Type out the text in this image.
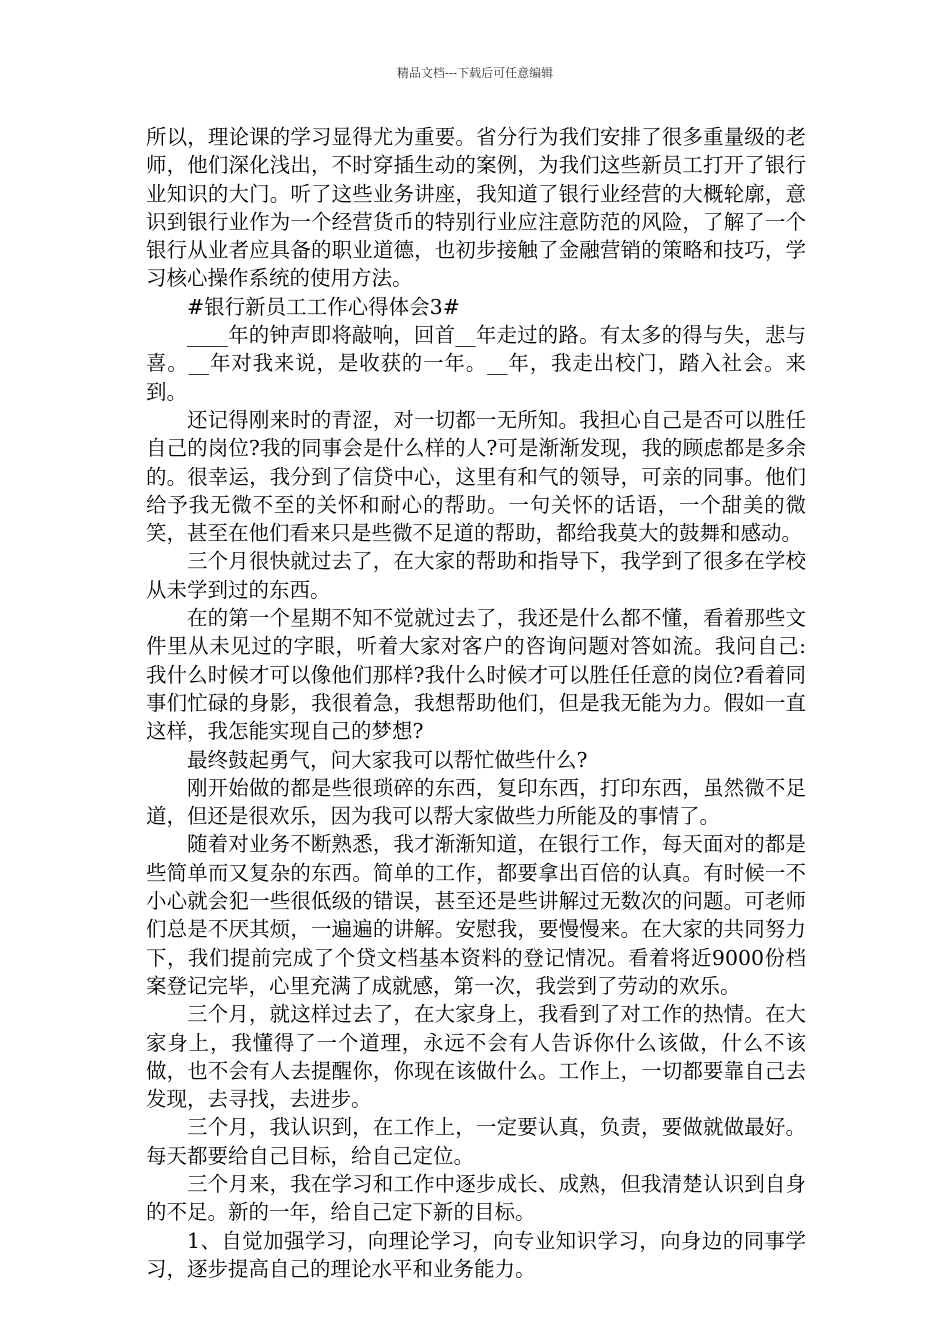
精品文档---下载后可任意编辑

所以，理论课的学习显得尤为重要。省分行为我们安排了很多重量级的老师，他们深化浅出，不时穿插生动的案例，为我们这些新员工打开了银行业知识的大门。听了这些业务讲座，我知道了银行业经营的大概轮廓，意识到银行业作为一个经营货币的特别行业应注意防范的风险，了解了一个银行从业者应具备的职业道德，也初步接触了金融营销的策略和技巧，学习核心操作系统的使用方法。

#银行新员工工作心得体会3#

____年的钟声即将敲响，回首__年走过的路。有太多的得与失，悲与喜。__年对我来说，是收获的一年。__年，我走出校门，踏入社会。来到。

还记得刚来时的青涩，对一切都一无所知。我担心自己是否可以胜任自己的岗位?我的同事会是什么样的人?可是渐渐发现，我的顾虑都是多余的。很幸运，我分到了信贷中心，这里有和气的领导，可亲的同事。他们给予我无微不至的关怀和耐心的帮助。一句关怀的话语，一个甜美的微笑，甚至在他们看来只是些微不足道的帮助，都给我莫大的鼓舞和感动。

三个月很快就过去了，在大家的帮助和指导下，我学到了很多在学校从未学到过的东西。

在的第一个星期不知不觉就过去了，我还是什么都不懂，看着那些文件里从未见过的字眼，听着大家对客户的咨询问题对答如流。我问自己:我什么时候才可以像他们那样?我什么时候才可以胜任任意的岗位?看着同事们忙碌的身影，我很着急，我想帮助他们，但是我无能为力。假如一直这样，我怎能实现自己的梦想?

最终鼓起勇气，问大家我可以帮忙做些什么?

刚开始做的都是些很琐碎的东西，复印东西，打印东西，虽然微不足道，但还是很欢乐，因为我可以帮大家做些力所能及的事情了。

随着对业务不断熟悉，我才渐渐知道，在银行工作，每天面对的都是些简单而又复杂的东西。简单的工作，都要拿出百倍的认真。有时候一不小心就会犯一些很低级的错误，甚至还是些讲解过无数次的问题。可老师们总是不厌其烦，一遍遍的讲解。安慰我，要慢慢来。在大家的共同努力下，我们提前完成了个贷文档基本资料的登记情况。看着将近9000份档案登记完毕，心里充满了成就感，第一次，我尝到了劳动的欢乐。

三个月，就这样过去了，在大家身上，我看到了对工作的热情。在大家身上，我懂得了一个道理，永远不会有人告诉你什么该做，什么不该做，也不会有人去提醒你，你现在该做什么。工作上，一切都要靠自己去发现，去寻找，去进步。

三个月，我认识到，在工作上，一定要认真，负责，要做就做最好。每天都要给自己目标，给自己定位。

三个月来，我在学习和工作中逐步成长、成熟，但我清楚认识到自身的不足。新的一年，给自己定下新的目标。

1、自觉加强学习，向理论学习，向专业知识学习，向身边的同事学习，逐步提高自己的理论水平和业务能力。
